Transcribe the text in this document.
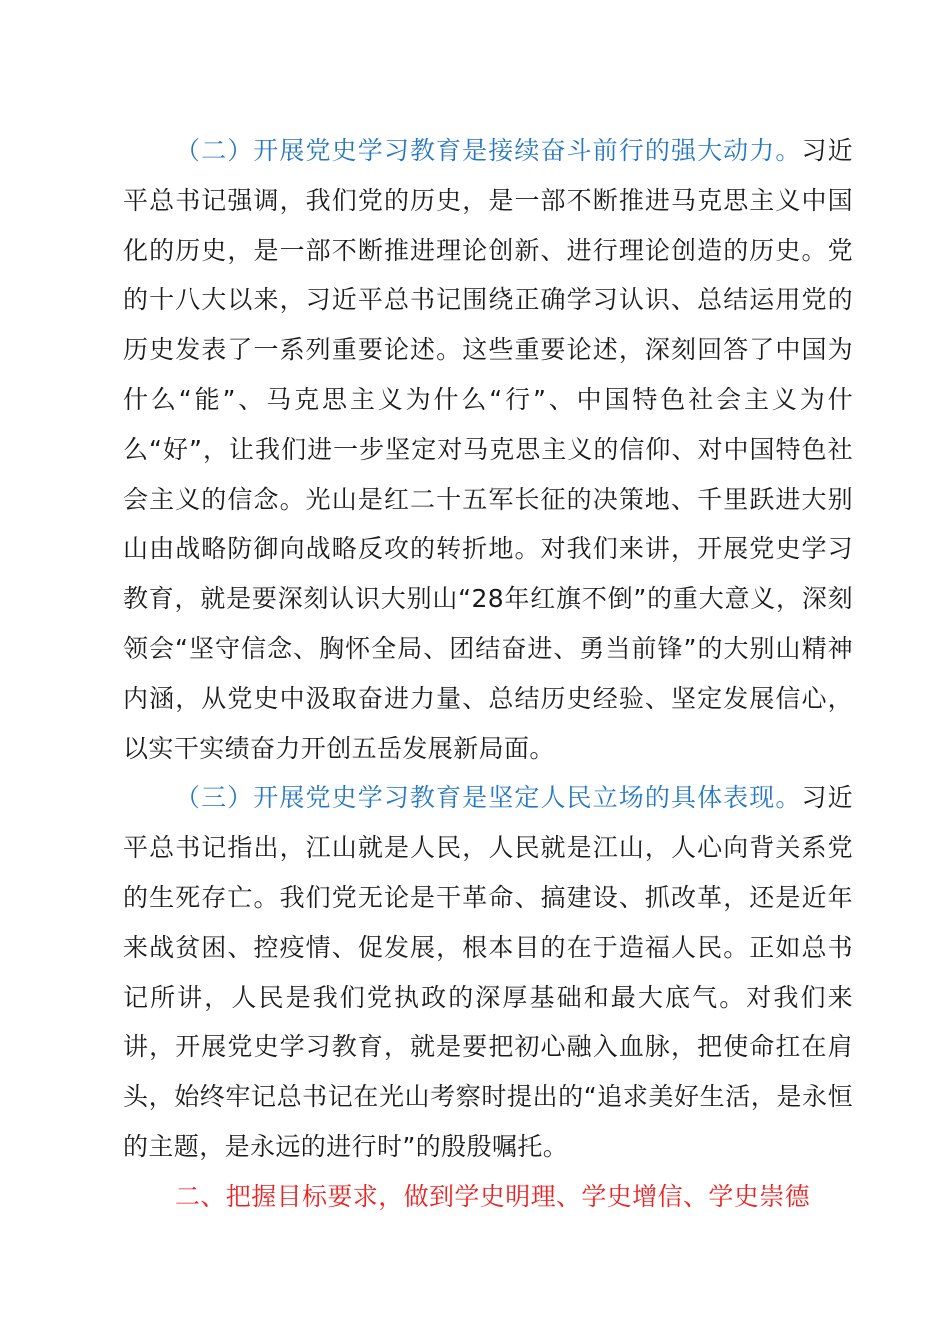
（二）开展党史学习教育是接续奋斗前行的强大动力。习近平总书记强调，我们党的历史，是一部不断推进马克思主义中国化的历史，是一部不断推进理论创新、进行理论创造的历史。党的十八大以来，习近平总书记围绕正确学习认识、总结运用党的历史发表了一系列重要论述。这些重要论述，深刻回答了中国为什么“能”、马克思主义为什么“行”、中国特色社会主义为什么“好”，让我们进一步坚定对马克思主义的信仰、对中国特色社会主义的信念。光山是红二十五军长征的决策地、千里跃进大别山由战略防御向战略反攻的转折地。对我们来讲，开展党史学习教育，就是要深刻认识大别山“28年红旗不倒”的重大意义，深刻领会“坚守信念、胸怀全局、团结奋进、勇当前锋”的大别山精神内涵，从党史中汲取奋进力量、总结历史经验、坚定发展信心，以实干实绩奋力开创五岳发展新局面。

（三）开展党史学习教育是坚定人民立场的具体表现。习近平总书记指出，江山就是人民，人民就是江山，人心向背关系党的生死存亡。我们党无论是干革命、搞建设、抓改革，还是近年来战贫困、控疫情、促发展，根本目的在于造福人民。正如总书记所讲，人民是我们党执政的深厚基础和最大底气。对我们来讲，开展党史学习教育，就是要把初心融入血脉，把使命扛在肩头，始终牢记总书记在光山考察时提出的“追求美好生活，是永恒的主题，是永远的进行时”的殷殷嘱托。

二、把握目标要求，做到学史明理、学史增信、学史崇德
